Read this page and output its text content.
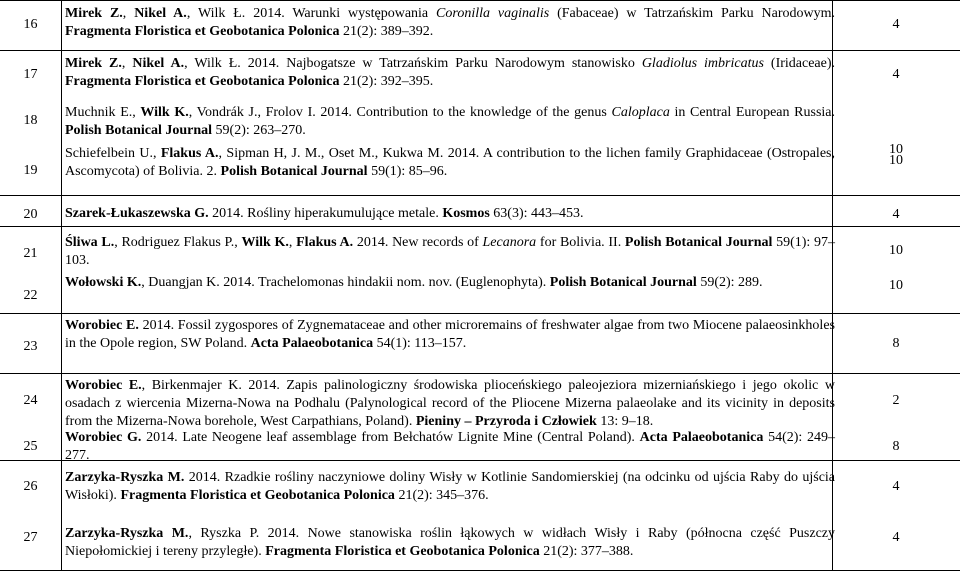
16
17
18
19
20
21
22
23
24
25
26
27
4
4
10
10
4
10
10
8
2
8
4
4
Mirek Z., Nikel A., Wilk Ł. 2014. Warunki występowania Coronilla vaginalis (Fabaceae) w Tatrzańskim Parku Narodowym. Fragmenta Floristica et Geobotanica Polonica 21(2): 389–392.
Mirek Z., Nikel A., Wilk Ł. 2014. Najbogatsze w Tatrzańskim Parku Narodowym stanowisko Gladiolus imbricatus (Iridaceae). Fragmenta Floristica et Geobotanica Polonica 21(2): 392–395.
Muchnik E., Wilk K., Vondrák J., Frolov I. 2014. Contribution to the knowledge of the genus Caloplaca in Central European Russia. Polish Botanical Journal 59(2): 263–270.
Schiefelbein U., Flakus A., Sipman H, J. M., Oset M., Kukwa M. 2014. A contribution to the lichen family Graphidaceae (Ostropales, Ascomycota) of Bolivia. 2. Polish Botanical Journal 59(1): 85–96.
Szarek-Łukaszewska G. 2014. Rośliny hiperakumulujące metale. Kosmos 63(3): 443–453.
Śliwa L., Rodriguez Flakus P., Wilk K., Flakus A. 2014. New records of Lecanora for Bolivia. II. Polish Botanical Journal 59(1): 97–103.
Wołowski K., Duangjan K. 2014. Trachelomonas hindakii nom. nov. (Euglenophyta). Polish Botanical Journal 59(2): 289.
Worobiec E. 2014. Fossil zygospores of Zygnemataceae and other microremains of freshwater algae from two Miocene palaeosinkholes in the Opole region, SW Poland. Acta Palaeobotanica 54(1): 113–157.
Worobiec E., Birkenmajer K. 2014. Zapis palinologiczny środowiska plioceńskiego paleojeziora mizerniańskiego i jego okolic w osadach z wiercenia Mizerna-Nowa na Podhalu (Palynological record of the Pliocene Mizerna palaeolake and its vicinity in deposits from the Mizerna-Nowa borehole, West Carpathians, Poland). Pieniny – Przyroda i Człowiek 13: 9–18.
Worobiec G. 2014. Late Neogene leaf assemblage from Bełchatów Lignite Mine (Central Poland). Acta Palaeobotanica 54(2): 249–277.
Zarzyka-Ryszka M. 2014. Rzadkie rośliny naczyniowe doliny Wisły w Kotlinie Sandomierskiej (na odcinku od ujścia Raby do ujścia Wisłoki). Fragmenta Floristica et Geobotanica Polonica 21(2): 345–376.
Zarzyka-Ryszka M., Ryszka P. 2014. Nowe stanowiska roślin łąkowych w widłach Wisły i Raby (północna część Puszczy Niepołomickiej i tereny przyległe). Fragmenta Floristica et Geobotanica Polonica 21(2): 377–388.
